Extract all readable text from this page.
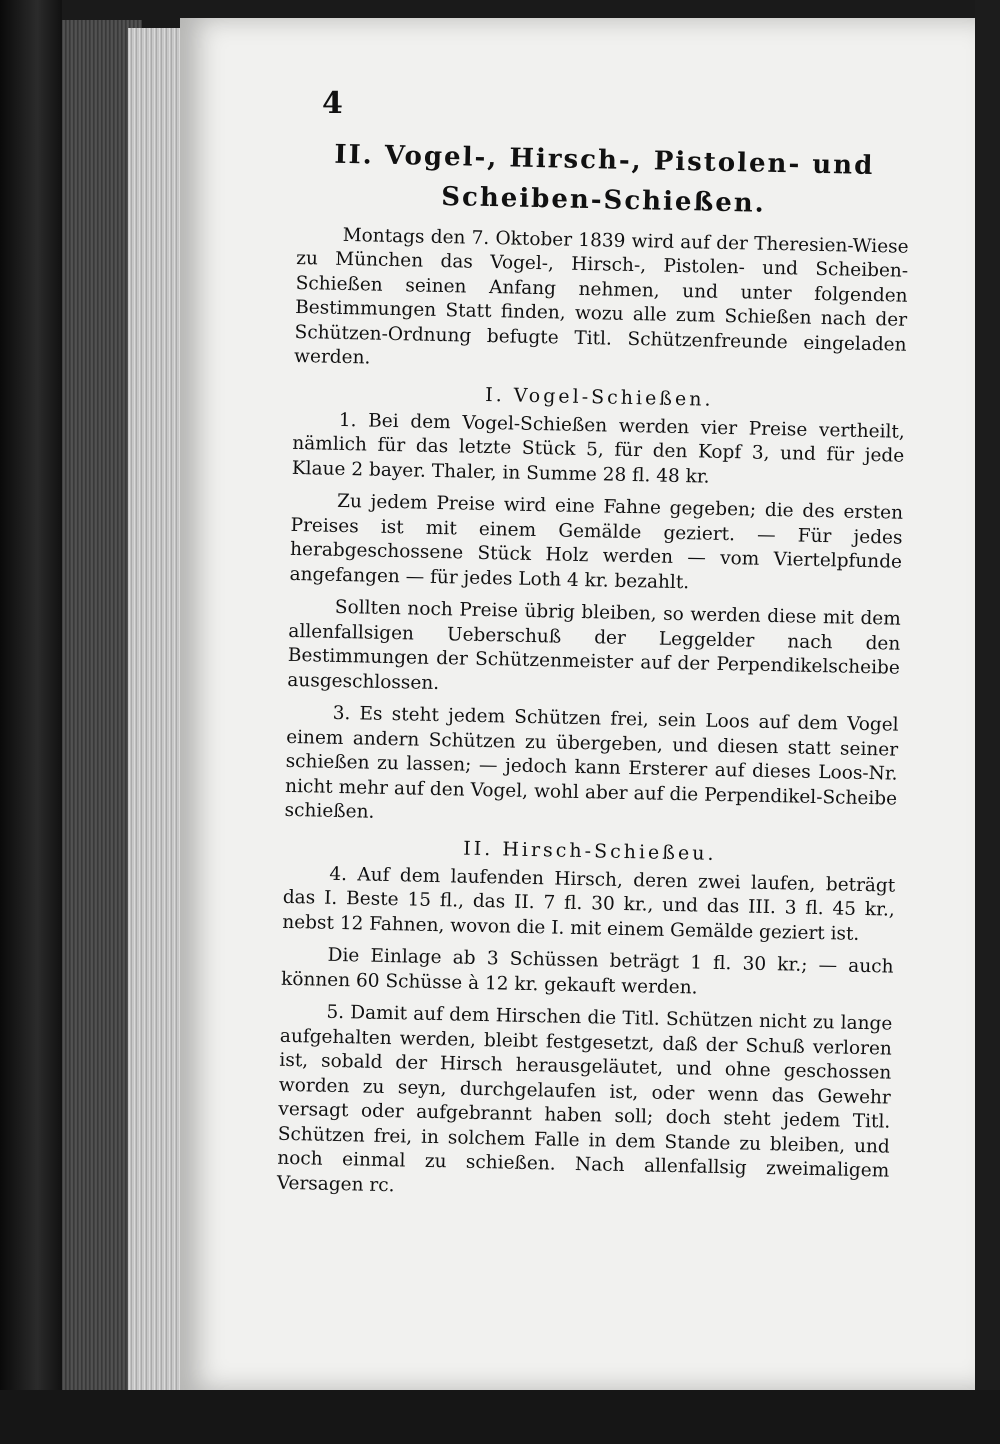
4
II. Vogel-, Hirsch-, Pistolen- und Scheiben-Schießen.

Montags den 7. Oktober 1839 wird auf der Theresien-Wiese zu München das Vogel-, Hirsch-, Pistolen- und Scheiben-Schießen seinen Anfang nehmen, und unter folgenden Bestimmungen Statt finden, wozu alle zum Schießen nach der Schützen-Ordnung befugte Titl. Schützenfreunde eingeladen werden.

I. Vogel-Schießen.

1. Bei dem Vogel-Schießen werden vier Preise vertheilt, nämlich für das letzte Stück 5, für den Kopf 3, und für jede Klaue 2 bayer. Thaler, in Summe 28 fl. 48 kr.

Zu jedem Preise wird eine Fahne gegeben; die des ersten Preises ist mit einem Gemälde geziert. — Für jedes herabgeschossene Stück Holz werden — vom Viertelpfunde angefangen — für jedes Loth 4 kr. bezahlt.

Sollten noch Preise übrig bleiben, so werden diese mit dem allenfallsigen Ueberschuß der Leggelder nach den Bestimmungen der Schützenmeister auf der Perpendikelscheibe ausgeschlossen.

3. Es steht jedem Schützen frei, sein Loos auf dem Vogel einem andern Schützen zu übergeben, und diesen statt seiner schießen zu lassen; — jedoch kann Ersterer auf dieses Loos-Nr. nicht mehr auf den Vogel, wohl aber auf die Perpendikel-Scheibe schießen.

II. Hirsch-Schießeu.

4. Auf dem laufenden Hirsch, deren zwei laufen, beträgt das I. Beste 15 fl., das II. 7 fl. 30 kr., und das III. 3 fl. 45 kr., nebst 12 Fahnen, wovon die I. mit einem Gemälde geziert ist.

Die Einlage ab 3 Schüssen beträgt 1 fl. 30 kr.; — auch können 60 Schüsse à 12 kr. gekauft werden.

5. Damit auf dem Hirschen die Titl. Schützen nicht zu lange aufgehalten werden, bleibt festgesetzt, daß der Schuß verloren ist, sobald der Hirsch herausgeläutet, und ohne geschossen worden zu seyn, durchgelaufen ist, oder wenn das Gewehr versagt oder aufgebrannt haben soll; doch steht jedem Titl. Schützen frei, in solchem Falle in dem Stande zu bleiben, und noch einmal zu schießen. Nach allenfallsig zweimaligem Versagen rc.
